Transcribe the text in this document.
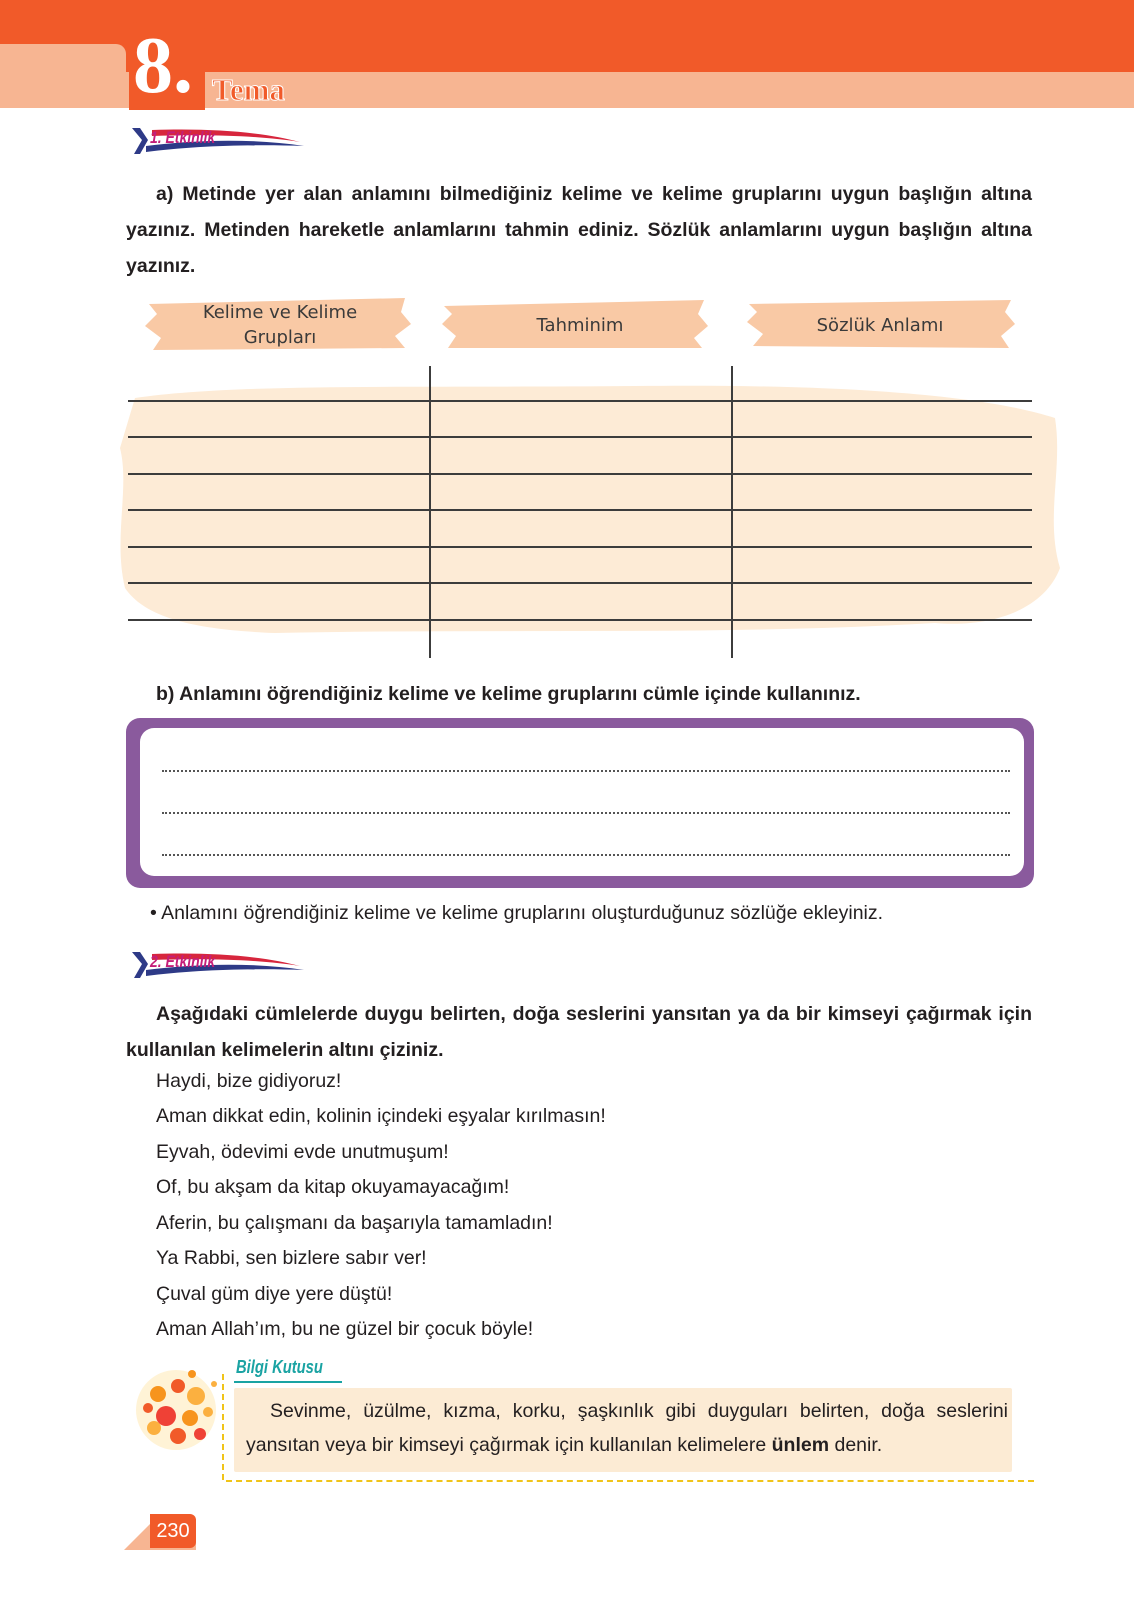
8. Tema
1. Etkinlik
a) Metinde yer alan anlamını bilmediğiniz kelime ve kelime gruplarını uygun başlığın altına yazınız. Metinden hareketle anlamlarını tahmin ediniz. Sözlük anlamlarını uygun başlığın altına yazınız.
Kelime ve Kelime Grupları
Tahminim	Sözlük Anlamı
b) Anlamını öğrendiğiniz kelime ve kelime gruplarını cümle içinde kullanınız.
• Anlamını öğrendiğiniz kelime ve kelime gruplarını oluşturduğunuz sözlüğe ekleyiniz.
2. Etkinlik
Aşağıdaki cümlelerde duygu belirten, doğa seslerini yansıtan ya da bir kimseyi çağırmak için kullanılan kelimelerin altını çiziniz.
Haydi, bize gidiyoruz!
Aman dikkat edin, kolinin içindeki eşyalar kırılmasın!
Eyvah, ödevimi evde unutmuşum!
Of, bu akşam da kitap okuyamayacağım!
Aferin, bu çalışmanı da başarıyla tamamladın!
Ya Rabbi, sen bizlere sabır ver!
Çuval güm diye yere düştü!
Aman Allah’ım, bu ne güzel bir çocuk böyle!
Bilgi Kutusu
Sevinme, üzülme, kızma, korku, şaşkınlık gibi duyguları belirten, doğa seslerini yansıtan veya bir kimseyi çağırmak için kullanılan kelimelere ünlem denir.
230
